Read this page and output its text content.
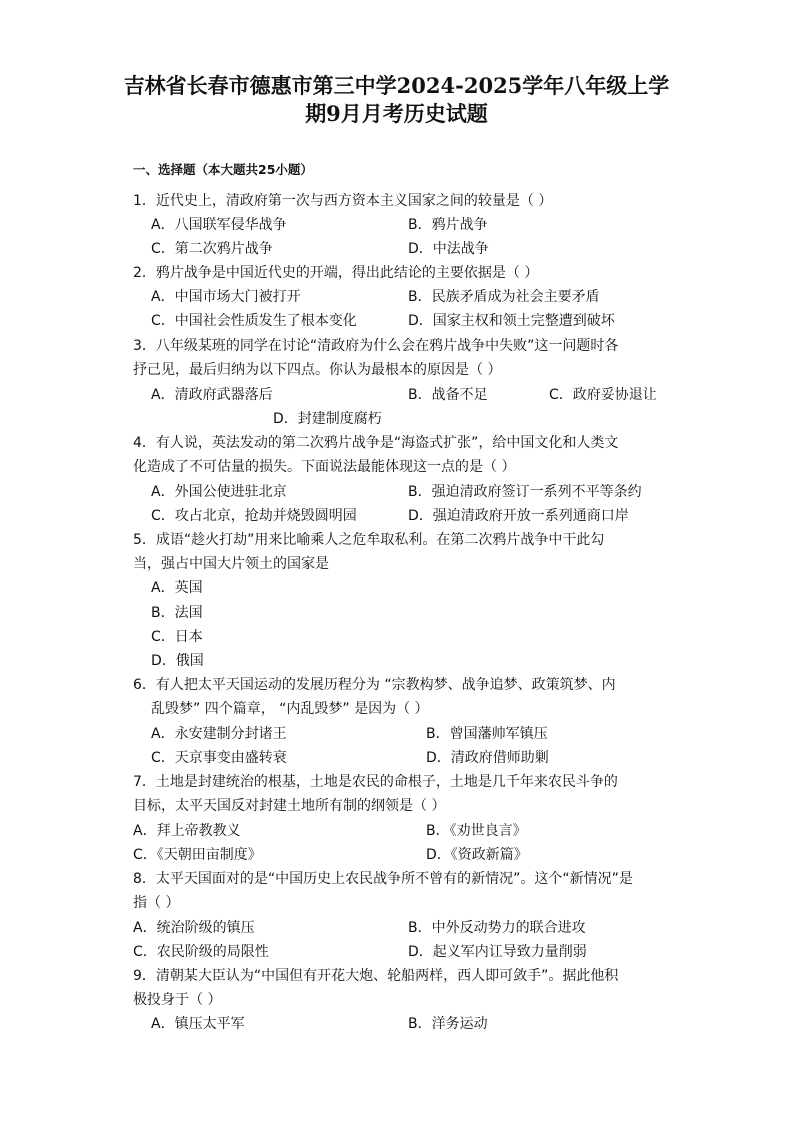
吉林省长春市德惠市第三中学2024-2025学年八年级上学
期9月月考历史试题
一、选择题（本大题共25小题）
1．近代史上，清政府第一次与西方资本主义国家之间的较量是（ ）
A．八国联军侵华战争	B．鸦片战争
C．第二次鸦片战争	D．中法战争
2．鸦片战争是中国近代史的开端，得出此结论的主要依据是（ ）
A．中国市场大门被打开	B．民族矛盾成为社会主要矛盾
C．中国社会性质发生了根本变化	D．国家主权和领土完整遭到破坏
3．八年级某班的同学在讨论“清政府为什么会在鸦片战争中失败”这一问题时各
抒己见，最后归纳为以下四点。你认为最根本的原因是（ ）
A．清政府武器落后	B．战备不足	C．政府妥协退让
D．封建制度腐朽
4．有人说，英法发动的第二次鸦片战争是“海盗式扩张”，给中国文化和人类文
化造成了不可估量的损失。下面说法最能体现这一点的是（ ）
A．外国公使进驻北京	B．强迫清政府签订一系列不平等条约
C．攻占北京，抢劫并烧毁圆明园	D．强迫清政府开放一系列通商口岸
5．成语“趁火打劫”用来比喻乘人之危牟取私利。在第二次鸦片战争中干此勾
当，强占中国大片领土的国家是
A．英国
B．法国
C．日本
D．俄国
6．有人把太平天国运动的发展历程分为 “宗教构梦、战争追梦、政策筑梦、内
乱毁梦” 四个篇章， “内乱毁梦” 是因为（ ）
A．永安建制分封诸王	B．曾国藩帅军镇压
C．天京事变由盛转衰	D．清政府借师助剿
7．土地是封建统治的根基，土地是农民的命根子，土地是几千年来农民斗争的
目标，太平天国反对封建土地所有制的纲领是（ ）
A．拜上帝教教义	B．《劝世良言》
C．《天朝田亩制度》	D．《资政新篇》
8．太平天国面对的是“中国历史上农民战争所不曾有的新情况”。这个“新情况”是
指（ ）
A．统治阶级的镇压	B．中外反动势力的联合进攻
C．农民阶级的局限性	D．起义军内讧导致力量削弱
9．清朝某大臣认为“中国但有开花大炮、轮船两样，西人即可敛手”。据此他积
极投身于（ ）
A．镇压太平军	B．洋务运动
